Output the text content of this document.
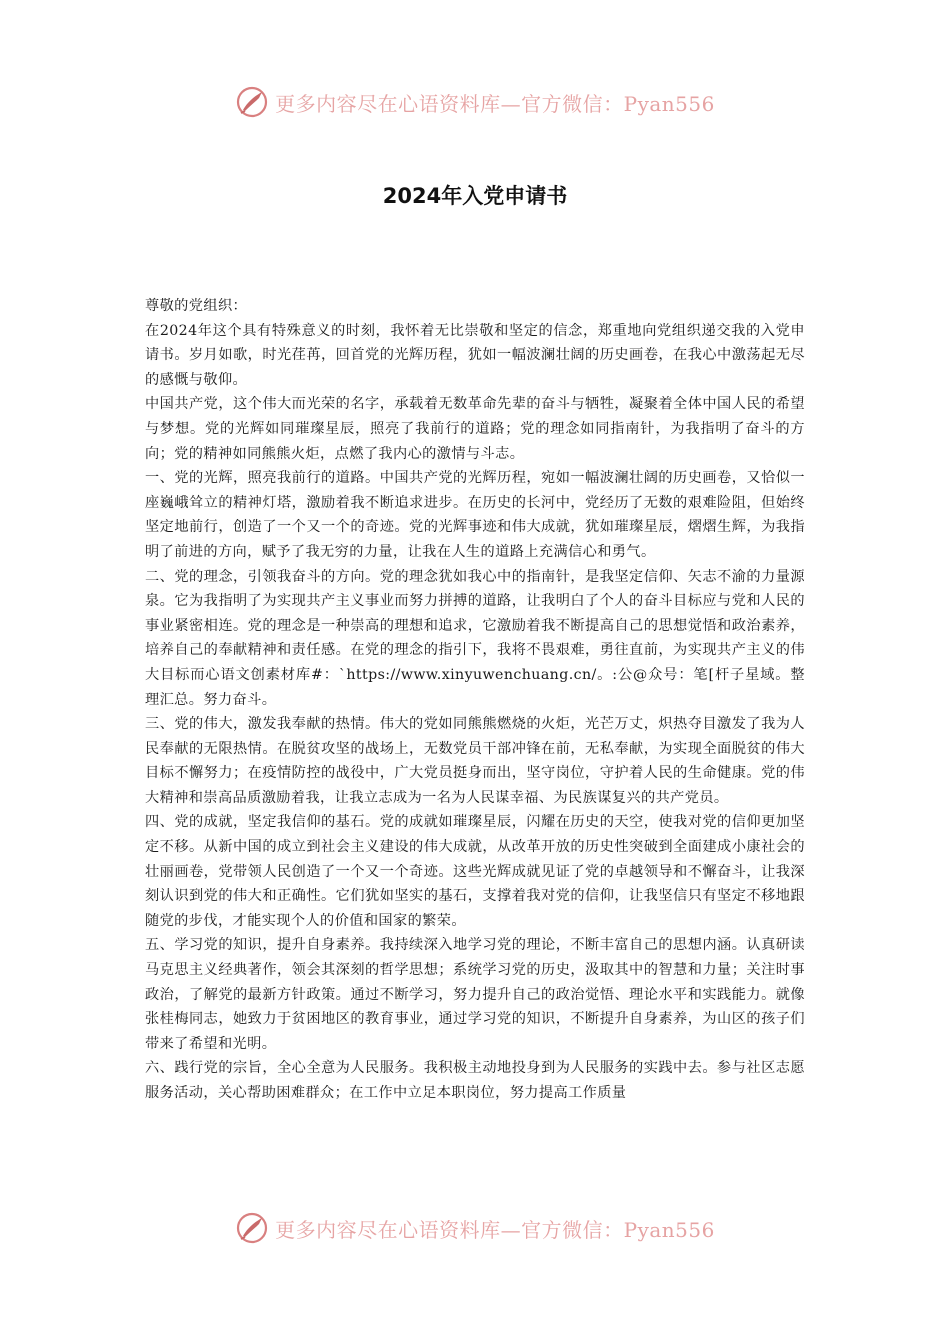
更多内容尽在心语资料库—官方微信：Pyan556
2024年入党申请书

尊敬的党组织：

在2024年这个具有特殊意义的时刻，我怀着无比崇敬和坚定的信念，郑重地向党组织递交我的入党申请书。岁月如歌，时光荏苒，回首党的光辉历程，犹如一幅波澜壮阔的历史画卷，在我心中激荡起无尽的感慨与敬仰。

中国共产党，这个伟大而光荣的名字，承载着无数革命先辈的奋斗与牺牲，凝聚着全体中国人民的希望与梦想。党的光辉如同璀璨星辰，照亮了我前行的道路；党的理念如同指南针，为我指明了奋斗的方向；党的精神如同熊熊火炬，点燃了我内心的激情与斗志。

一、党的光辉，照亮我前行的道路。中国共产党的光辉历程，宛如一幅波澜壮阔的历史画卷，又恰似一座巍峨耸立的精神灯塔，激励着我不断追求进步。在历史的长河中，党经历了无数的艰难险阻，但始终坚定地前行，创造了一个又一个的奇迹。党的光辉事迹和伟大成就，犹如璀璨星辰，熠熠生辉，为我指明了前进的方向，赋予了我无穷的力量，让我在人生的道路上充满信心和勇气。

二、党的理念，引领我奋斗的方向。党的理念犹如我心中的指南针，是我坚定信仰、矢志不渝的力量源泉。它为我指明了为实现共产主义事业而努力拼搏的道路，让我明白了个人的奋斗目标应与党和人民的事业紧密相连。党的理念是一种崇高的理想和追求，它激励着我不断提高自己的思想觉悟和政治素养，培养自己的奉献精神和责任感。在党的理念的指引下，我将不畏艰难，勇往直前，为实现共产主义的伟大目标而心语文创素材库#：`https://www.xinyuwenchuang.cn/。:公@众号：笔[杆子星域。整理汇总。努力奋斗。

三、党的伟大，激发我奉献的热情。伟大的党如同熊熊燃烧的火炬，光芒万丈，炽热夺目激发了我为人民奉献的无限热情。在脱贫攻坚的战场上，无数党员干部冲锋在前，无私奉献，为实现全面脱贫的伟大目标不懈努力；在疫情防控的战役中，广大党员挺身而出，坚守岗位，守护着人民的生命健康。党的伟大精神和崇高品质激励着我，让我立志成为一名为人民谋幸福、为民族谋复兴的共产党员。

四、党的成就，坚定我信仰的基石。党的成就如璀璨星辰，闪耀在历史的天空，使我对党的信仰更加坚定不移。从新中国的成立到社会主义建设的伟大成就，从改革开放的历史性突破到全面建成小康社会的壮丽画卷，党带领人民创造了一个又一个奇迹。这些光辉成就见证了党的卓越领导和不懈奋斗，让我深刻认识到党的伟大和正确性。它们犹如坚实的基石，支撑着我对党的信仰，让我坚信只有坚定不移地跟随党的步伐，才能实现个人的价值和国家的繁荣。

五、学习党的知识，提升自身素养。我持续深入地学习党的理论，不断丰富自己的思想内涵。认真研读马克思主义经典著作，领会其深刻的哲学思想；系统学习党的历史，汲取其中的智慧和力量；关注时事政治，了解党的最新方针政策。通过不断学习，努力提升自己的政治觉悟、理论水平和实践能力。就像张桂梅同志，她致力于贫困地区的教育事业，通过学习党的知识，不断提升自身素养，为山区的孩子们带来了希望和光明。

六、践行党的宗旨，全心全意为人民服务。我积极主动地投身到为人民服务的实践中去。参与社区志愿服务活动，关心帮助困难群众；在工作中立足本职岗位，努力提高工作质量

更多内容尽在心语资料库—官方微信：Pyan556
